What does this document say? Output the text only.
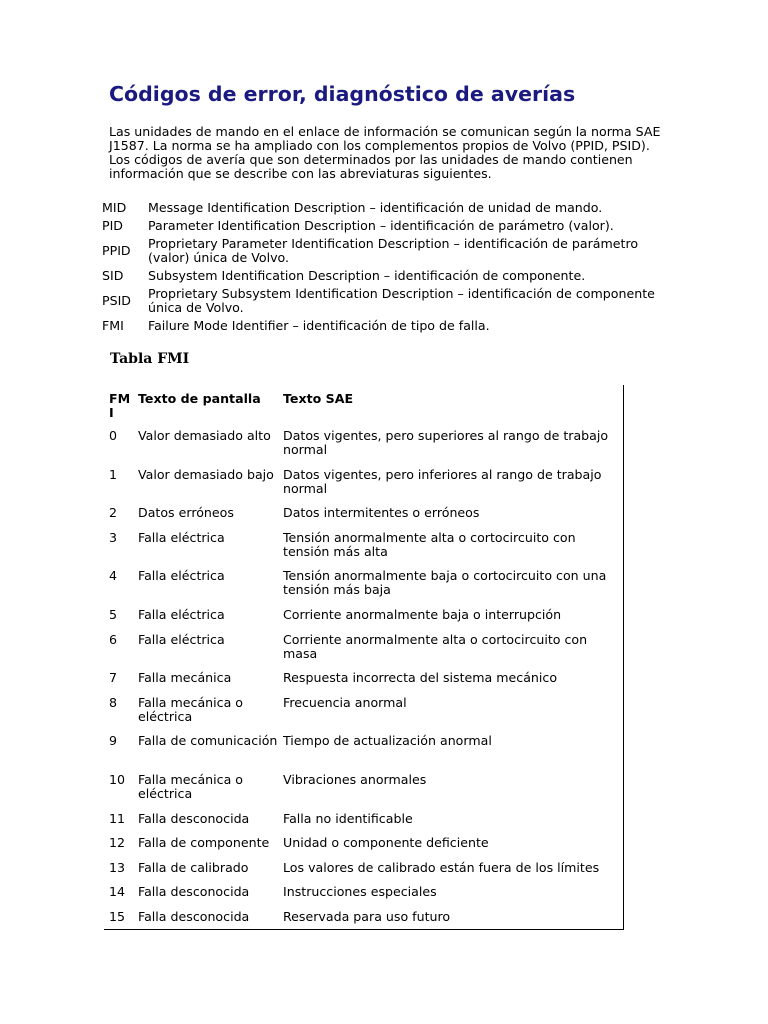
Códigos de error, diagnóstico de averías

Las unidades de mando en el enlace de información se comunican según la norma SAE J1587. La norma se ha ampliado con los complementos propios de Volvo (PPID, PSID). Los códigos de avería que son determinados por las unidades de mando contienen información que se describe con las abreviaturas siguientes.

MID	Message Identification Description – identificación de unidad de mando.
PID	Parameter Identification Description – identificación de parámetro (valor).
PPID	Proprietary Parameter Identification Description – identificación de parámetro (valor) única de Volvo.
SID	Subsystem Identification Description – identificación de componente.
PSID	Proprietary Subsystem Identification Description – identificación de componente única de Volvo.
FMI	Failure Mode Identifier – identificación de tipo de falla.
Tabla FMI
FMI	Texto de pantalla	Texto SAE
0	Valor demasiado alto	Datos vigentes, pero superiores al rango de trabajo normal
1	Valor demasiado bajo	Datos vigentes, pero inferiores al rango de trabajo normal
2	Datos erróneos	Datos intermitentes o erróneos
3	Falla eléctrica	Tensión anormalmente alta o cortocircuito con tensión más alta
4	Falla eléctrica	Tensión anormalmente baja o cortocircuito con una tensión más baja
5	Falla eléctrica	Corriente anormalmente baja o interrupción
6	Falla eléctrica	Corriente anormalmente alta o cortocircuito con masa
7	Falla mecánica	Respuesta incorrecta del sistema mecánico
8	Falla mecánica o eléctrica	Frecuencia anormal
9	Falla de comunicación	Tiempo de actualización anormal
10	Falla mecánica o eléctrica	Vibraciones anormales
11	Falla desconocida	Falla no identificable
12	Falla de componente	Unidad o componente deficiente
13	Falla de calibrado	Los valores de calibrado están fuera de los límites
14	Falla desconocida	Instrucciones especiales
15	Falla desconocida	Reservada para uso futuro
